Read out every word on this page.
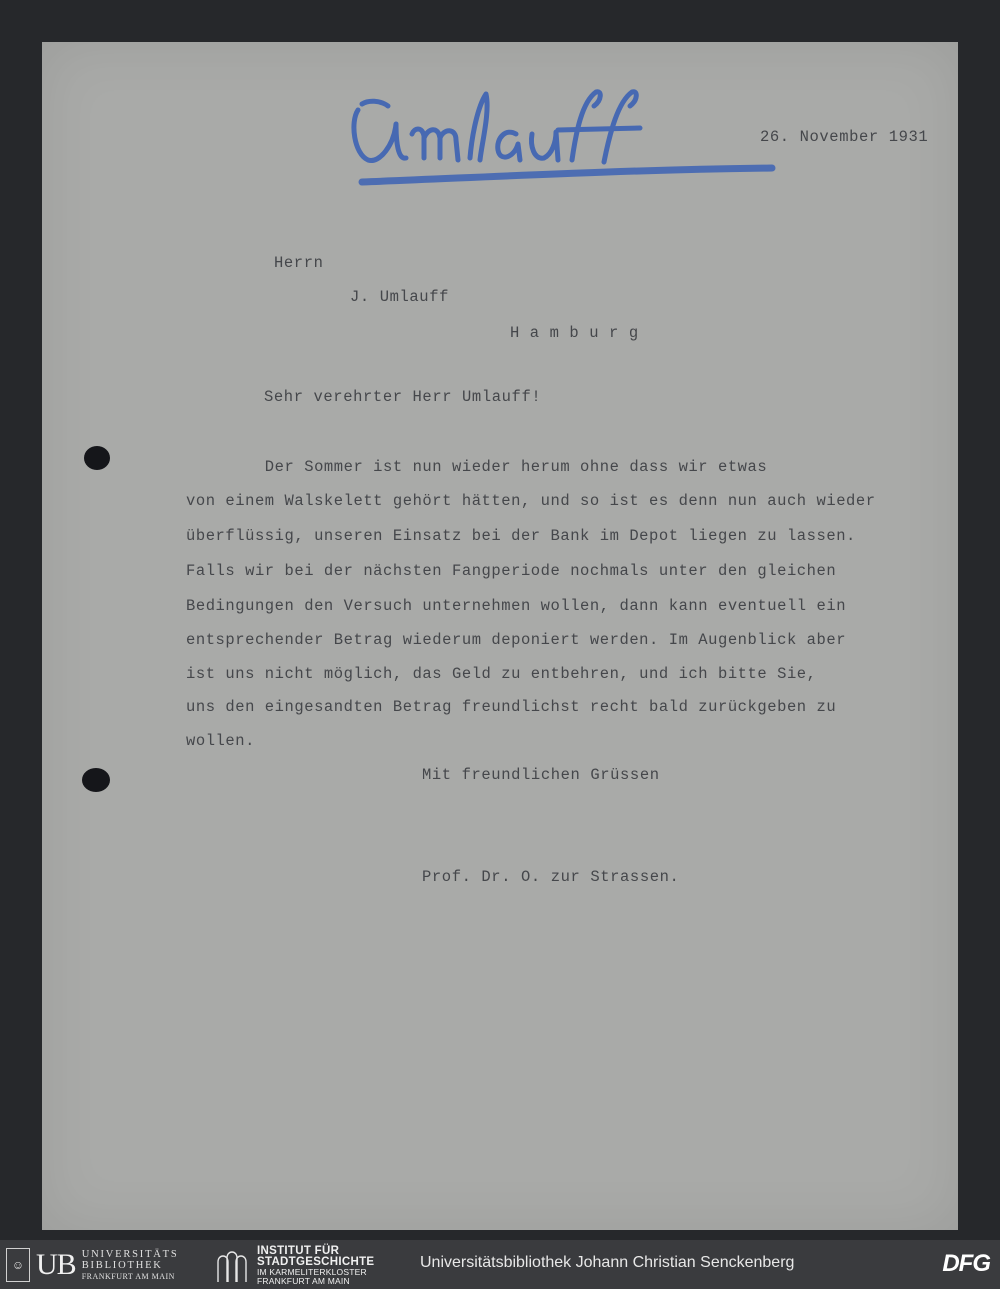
26. November 1931
Herrn
J. Umlauff
H a m b u r g
Sehr verehrter Herr Umlauff!
Der Sommer ist nun wieder herum ohne dass wir etwas
von einem Walskelett gehört hätten, und so ist es denn nun auch wieder
überflüssig, unseren Einsatz bei der Bank im Depot liegen zu lassen.
Falls wir bei der nächsten Fangperiode nochmals unter den gleichen
Bedingungen den Versuch unternehmen wollen, dann kann eventuell ein
entsprechender Betrag wiederum deponiert werden. Im Augenblick aber
ist uns nicht möglich, das Geld zu entbehren, und ich bitte Sie,
uns den eingesandten Betrag freundlichst recht bald zurückgeben zu
wollen.
Mit freundlichen Grüssen
Prof. Dr. O. zur Strassen.
☺ UB UNIVERSITÄTS
BIBLIOTHEK
FRANKFURT AM MAIN
INSTITUT FÜR
STADTGESCHICHTE
IM KARMELITERKLOSTER
FRANKFURT AM MAIN
Universitätsbibliothek Johann Christian Senckenberg	DFG
